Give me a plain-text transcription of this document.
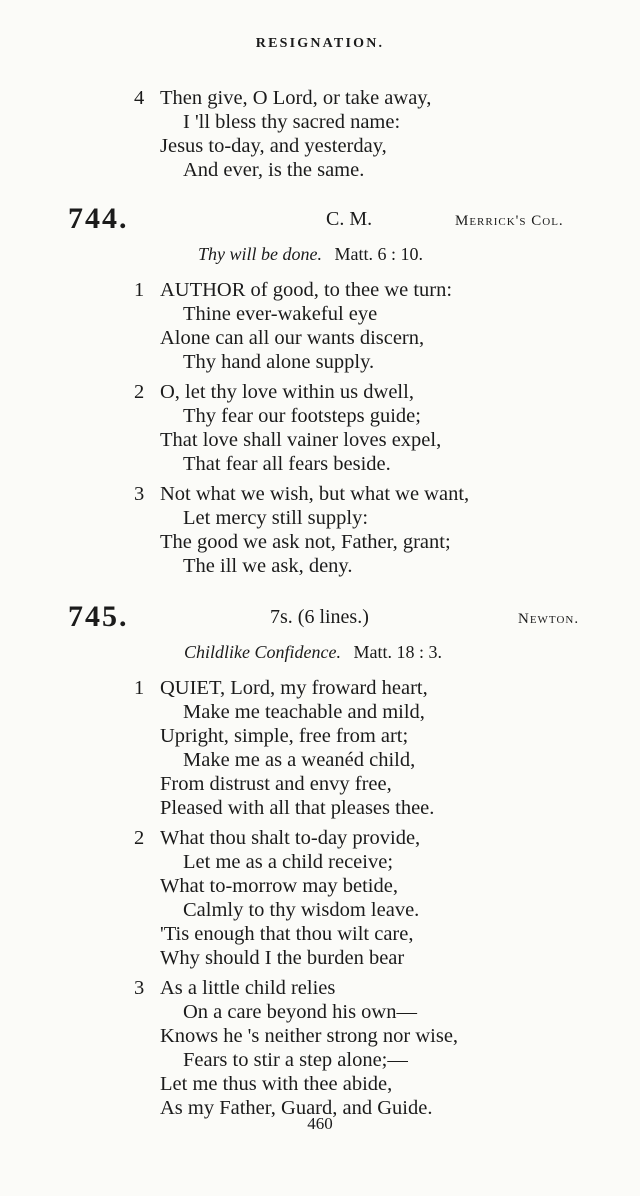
RESIGNATION.
4 Then give, O Lord, or take away,
I 'll bless thy sacred name:
Jesus to-day, and yesterday,
And ever, is the same.
744.	C. M.	Merrick's Col.
Thy will be done. Matt. 6 : 10.
1 AUTHOR of good, to thee we turn:
Thine ever-wakeful eye
Alone can all our wants discern,
Thy hand alone supply.
2 O, let thy love within us dwell,
Thy fear our footsteps guide;
That love shall vainer loves expel,
That fear all fears beside.
3 Not what we wish, but what we want,
Let mercy still supply:
The good we ask not, Father, grant;
The ill we ask, deny.
745.	7s. (6 lines.)	Newton.
Childlike Confidence. Matt. 18 : 3.
1 QUIET, Lord, my froward heart,
Make me teachable and mild,
Upright, simple, free from art;
Make me as a weanéd child,
From distrust and envy free,
Pleased with all that pleases thee.
2 What thou shalt to-day provide,
Let me as a child receive;
What to-morrow may betide,
Calmly to thy wisdom leave.
'Tis enough that thou wilt care,
Why should I the burden bear
3 As a little child relies
On a care beyond his own—
Knows he 's neither strong nor wise,
Fears to stir a step alone;—
Let me thus with thee abide,
As my Father, Guard, and Guide.
460
